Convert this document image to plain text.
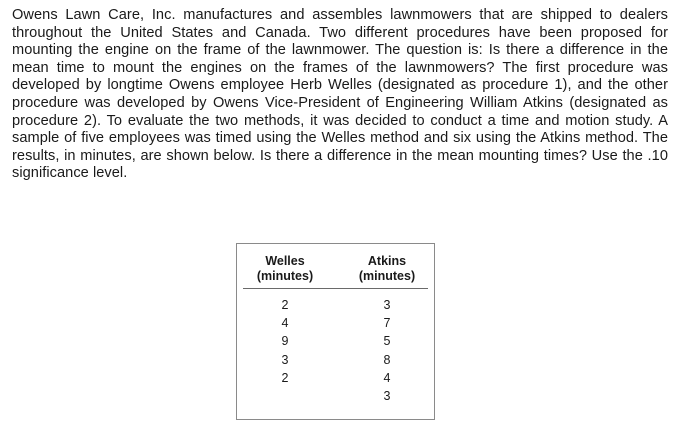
Owens Lawn Care, Inc. manufactures and assembles lawnmowers that are shipped to dealers throughout the United States and Canada. Two different procedures have been proposed for mounting the engine on the frame of the lawnmower. The question is: Is there a difference in the mean time to mount the engines on the frames of the lawnmowers? The first procedure was developed by longtime Owens employee Herb Welles (designated as procedure 1), and the other procedure was developed by Owens Vice-President of Engineering William Atkins (designated as procedure 2). To evaluate the two methods, it was decided to conduct a time and motion study. A sample of five employees was timed using the Welles method and six using the Atkins method. The results, in minutes, are shown below. Is there a difference in the mean mounting times? Use the .10 significance level.

Welles
(minutes)
Atkins
(minutes)
2
4
9
3
2
3
7
5
8
4
3
